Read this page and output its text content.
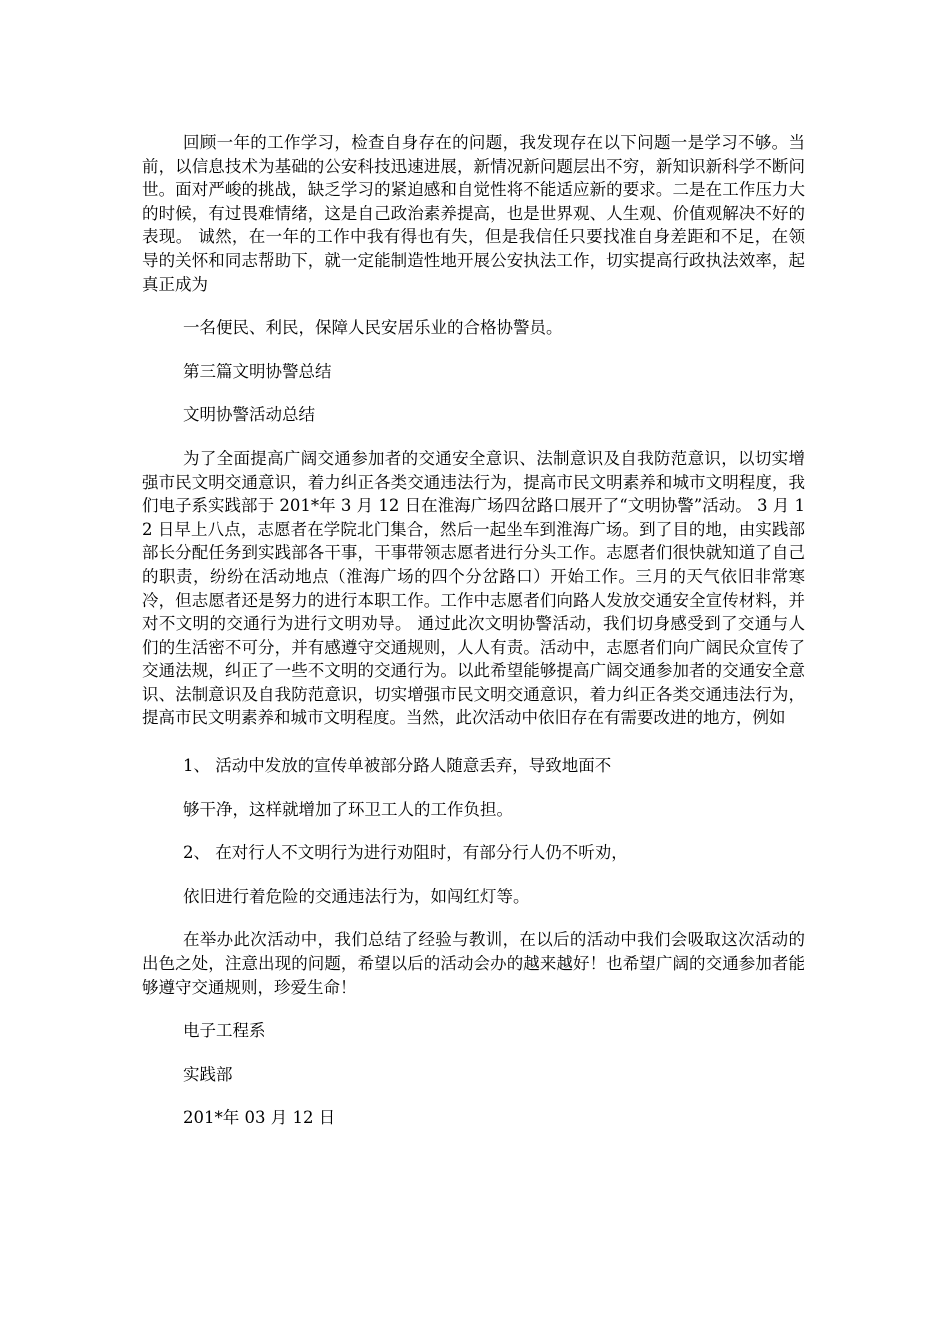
回顾一年的工作学习，检查自身存在的问题，我发现存在以下问题一是学习不够。当前，以信息技术为基础的公安科技迅速进展，新情况新问题层出不穷，新知识新科学不断问世。面对严峻的挑战，缺乏学习的紧迫感和自觉性将不能适应新的要求。二是在工作压力大的时候，有过畏难情绪，这是自己政治素养提高，也是世界观、人生观、价值观解决不好的表现。 诚然，在一年的工作中我有得也有失，但是我信任只要找准自身差距和不足，在领导的关怀和同志帮助下，就一定能制造性地开展公安执法工作，切实提高行政执法效率，起真正成为

一名便民、利民，保障人民安居乐业的合格协警员。

第三篇文明协警总结

文明协警活动总结

为了全面提高广阔交通参加者的交通安全意识、法制意识及自我防范意识，以切实增强市民文明交通意识，着力纠正各类交通违法行为，提高市民文明素养和城市文明程度，我们电子系实践部于 201*年 3 月 12 日在淮海广场四岔路口展开了“文明协警”活动。 3 月 12 日早上八点，志愿者在学院北门集合，然后一起坐车到淮海广场。到了目的地，由实践部部长分配任务到实践部各干事，干事带领志愿者进行分头工作。志愿者们很快就知道了自己的职责，纷纷在活动地点（淮海广场的四个分岔路口）开始工作。三月的天气依旧非常寒冷，但志愿者还是努力的进行本职工作。工作中志愿者们向路人发放交通安全宣传材料，并对不文明的交通行为进行文明劝导。 通过此次文明协警活动，我们切身感受到了交通与人们的生活密不可分，并有感遵守交通规则，人人有责。活动中，志愿者们向广阔民众宣传了交通法规，纠正了一些不文明的交通行为。以此希望能够提高广阔交通参加者的交通安全意识、法制意识及自我防范意识，切实增强市民文明交通意识，着力纠正各类交通违法行为，提高市民文明素养和城市文明程度。当然，此次活动中依旧存在有需要改进的地方，例如

1、 活动中发放的宣传单被部分路人随意丢弃，导致地面不

够干净，这样就增加了环卫工人的工作负担。

2、 在对行人不文明行为进行劝阻时，有部分行人仍不听劝，

依旧进行着危险的交通违法行为，如闯红灯等。

在举办此次活动中，我们总结了经验与教训，在以后的活动中我们会吸取这次活动的出色之处，注意出现的问题，希望以后的活动会办的越来越好！也希望广阔的交通参加者能够遵守交通规则，珍爱生命！

电子工程系

实践部

201*年 03 月 12 日
